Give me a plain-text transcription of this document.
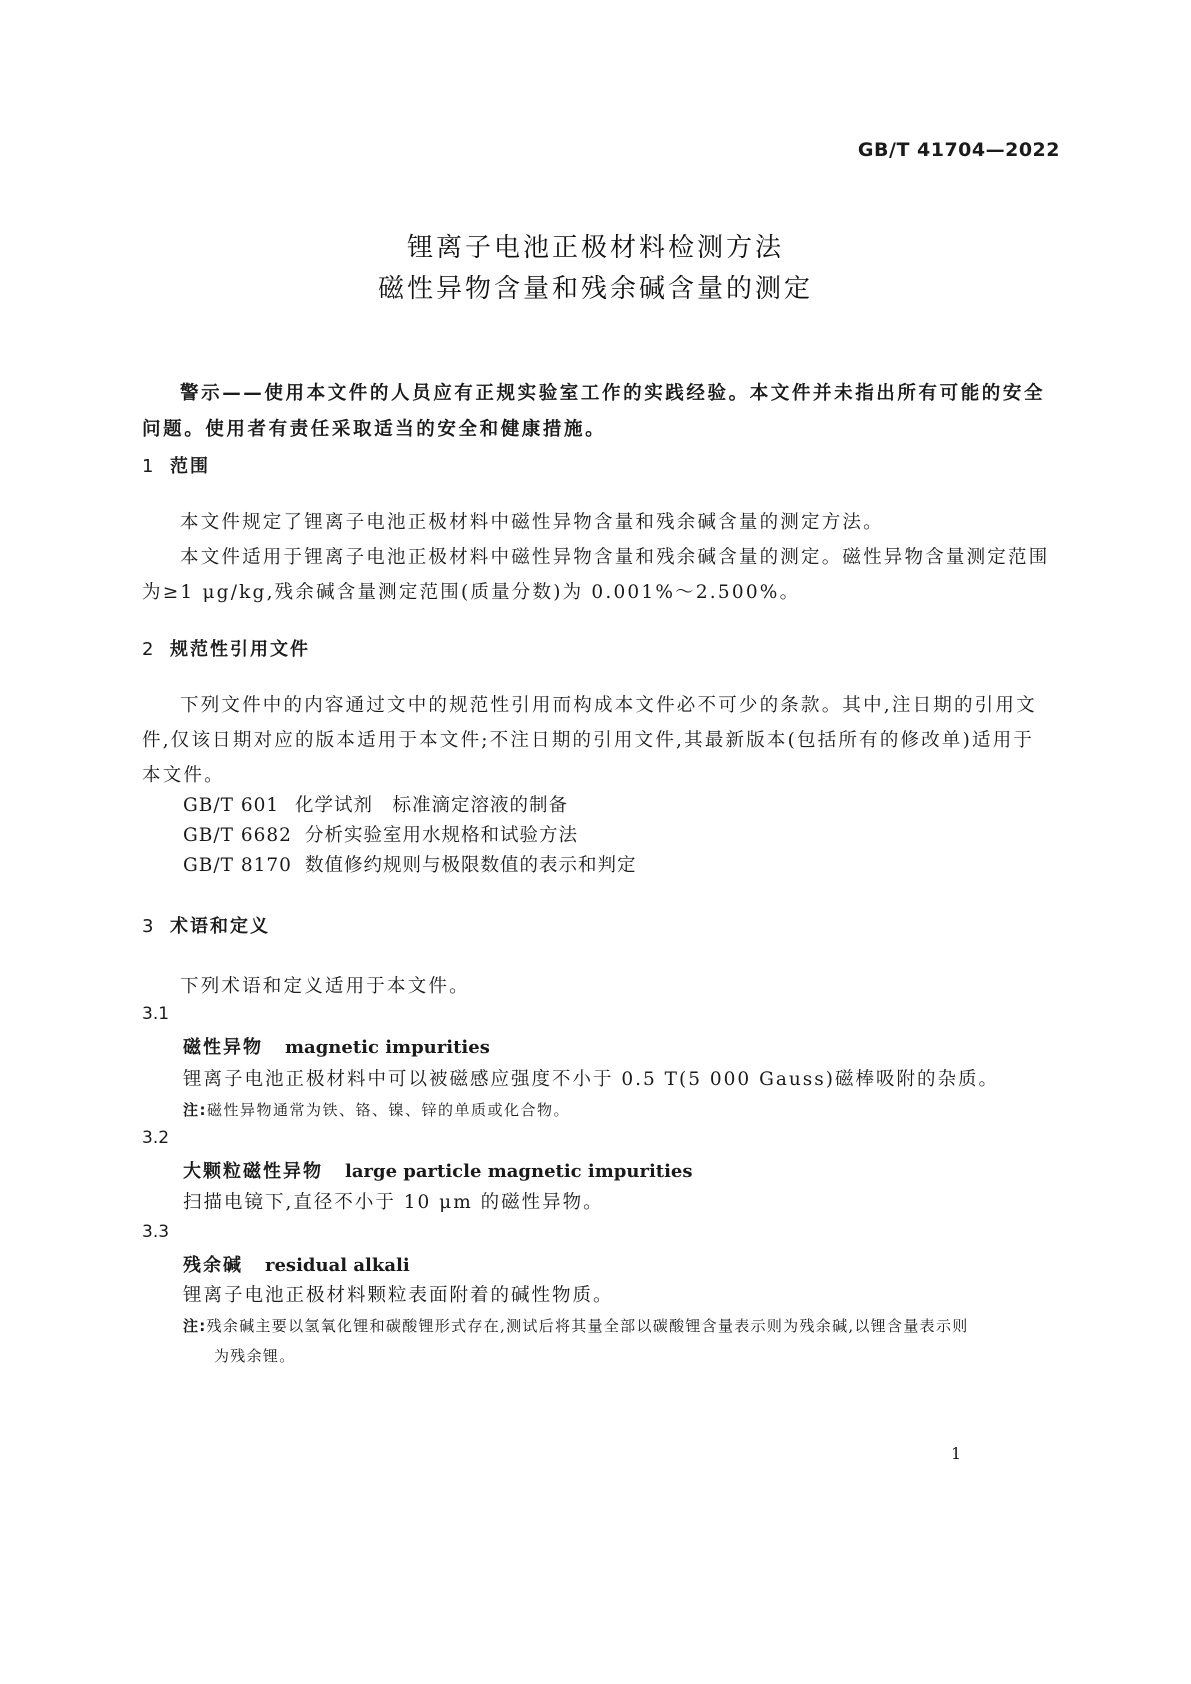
GB/T 41704—2022
锂离子电池正极材料检测方法
磁性异物含量和残余碱含量的测定
警示——使用本文件的人员应有正规实验室工作的实践经验。本文件并未指出所有可能的安全问题。使用者有责任采取适当的安全和健康措施。
1 范围
本文件规定了锂离子电池正极材料中磁性异物含量和残余碱含量的测定方法。
本文件适用于锂离子电池正极材料中磁性异物含量和残余碱含量的测定。磁性异物含量测定范围
为≥1 μg/kg,残余碱含量测定范围(质量分数)为 0.001%～2.500%。
2 规范性引用文件
下列文件中的内容通过文中的规范性引用而构成本文件必不可少的条款。其中,注日期的引用文
件,仅该日期对应的版本适用于本文件;不注日期的引用文件,其最新版本(包括所有的修改单)适用于
本文件。
GB/T 601 化学试剂　标准滴定溶液的制备
GB/T 6682 分析实验室用水规格和试验方法
GB/T 8170 数值修约规则与极限数值的表示和判定
3 术语和定义
下列术语和定义适用于本文件。
3.1
磁性异物 magnetic impurities
锂离子电池正极材料中可以被磁感应强度不小于 0.5 T(5 000 Gauss)磁棒吸附的杂质。
注:磁性异物通常为铁、铬、镍、锌的单质或化合物。
3.2
大颗粒磁性异物 large particle magnetic impurities
扫描电镜下,直径不小于 10 μm 的磁性异物。
3.3
残余碱 residual alkali
锂离子电池正极材料颗粒表面附着的碱性物质。
注:残余碱主要以氢氧化锂和碳酸锂形式存在,测试后将其量全部以碳酸锂含量表示则为残余碱,以锂含量表示则
为残余锂。
1
